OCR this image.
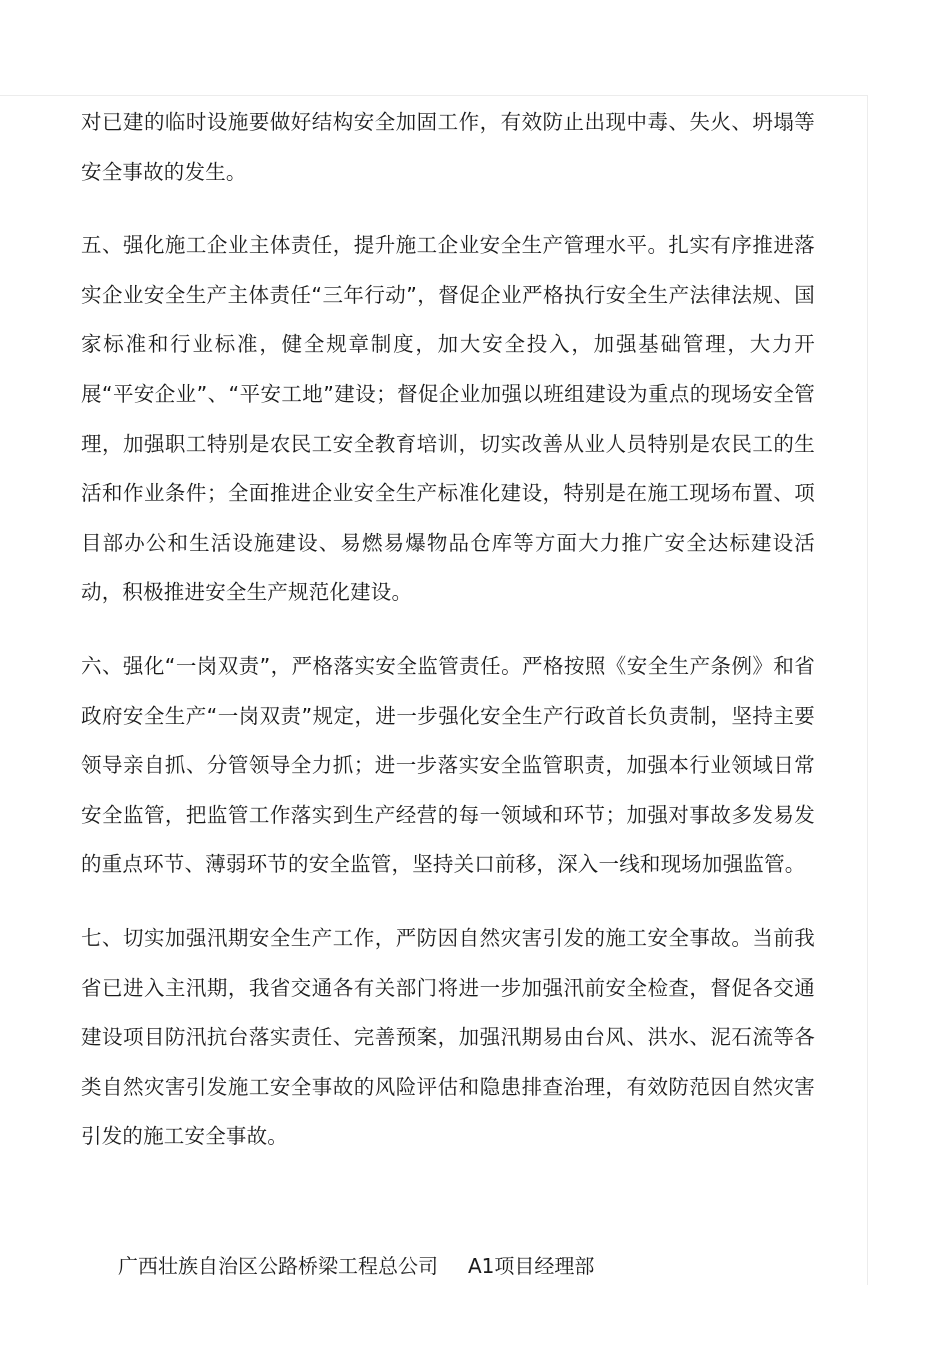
对已建的临时设施要做好结构安全加固工作，有效防止出现中毒、失火、坍塌等安全事故的发生。

五、强化施工企业主体责任，提升施工企业安全生产管理水平。扎实有序推进落实企业安全生产主体责任“三年行动”，督促企业严格执行安全生产法律法规、国家标准和行业标准，健全规章制度，加大安全投入，加强基础管理，大力开展“平安企业”、“平安工地”建设；督促企业加强以班组建设为重点的现场安全管理，加强职工特别是农民工安全教育培训，切实改善从业人员特别是农民工的生活和作业条件；全面推进企业安全生产标准化建设，特别是在施工现场布置、项目部办公和生活设施建设、易燃易爆物品仓库等方面大力推广安全达标建设活动，积极推进安全生产规范化建设。

六、强化“一岗双责”，严格落实安全监管责任。严格按照《安全生产条例》和省政府安全生产“一岗双责”规定，进一步强化安全生产行政首长负责制，坚持主要领导亲自抓、分管领导全力抓；进一步落实安全监管职责，加强本行业领域日常安全监管，把监管工作落实到生产经营的每一领域和环节；加强对事故多发易发的重点环节、薄弱环节的安全监管，坚持关口前移，深入一线和现场加强监管。

七、切实加强汛期安全生产工作，严防因自然灾害引发的施工安全事故。当前我省已进入主汛期，我省交通各有关部门将进一步加强汛前安全检查，督促各交通建设项目防汛抗台落实责任、完善预案，加强汛期易由台风、洪水、泥石流等各类自然灾害引发施工安全事故的风险评估和隐患排查治理，有效防范因自然灾害引发的施工安全事故。

广西壮族自治区公路桥梁工程总公司 A1项目经理部
